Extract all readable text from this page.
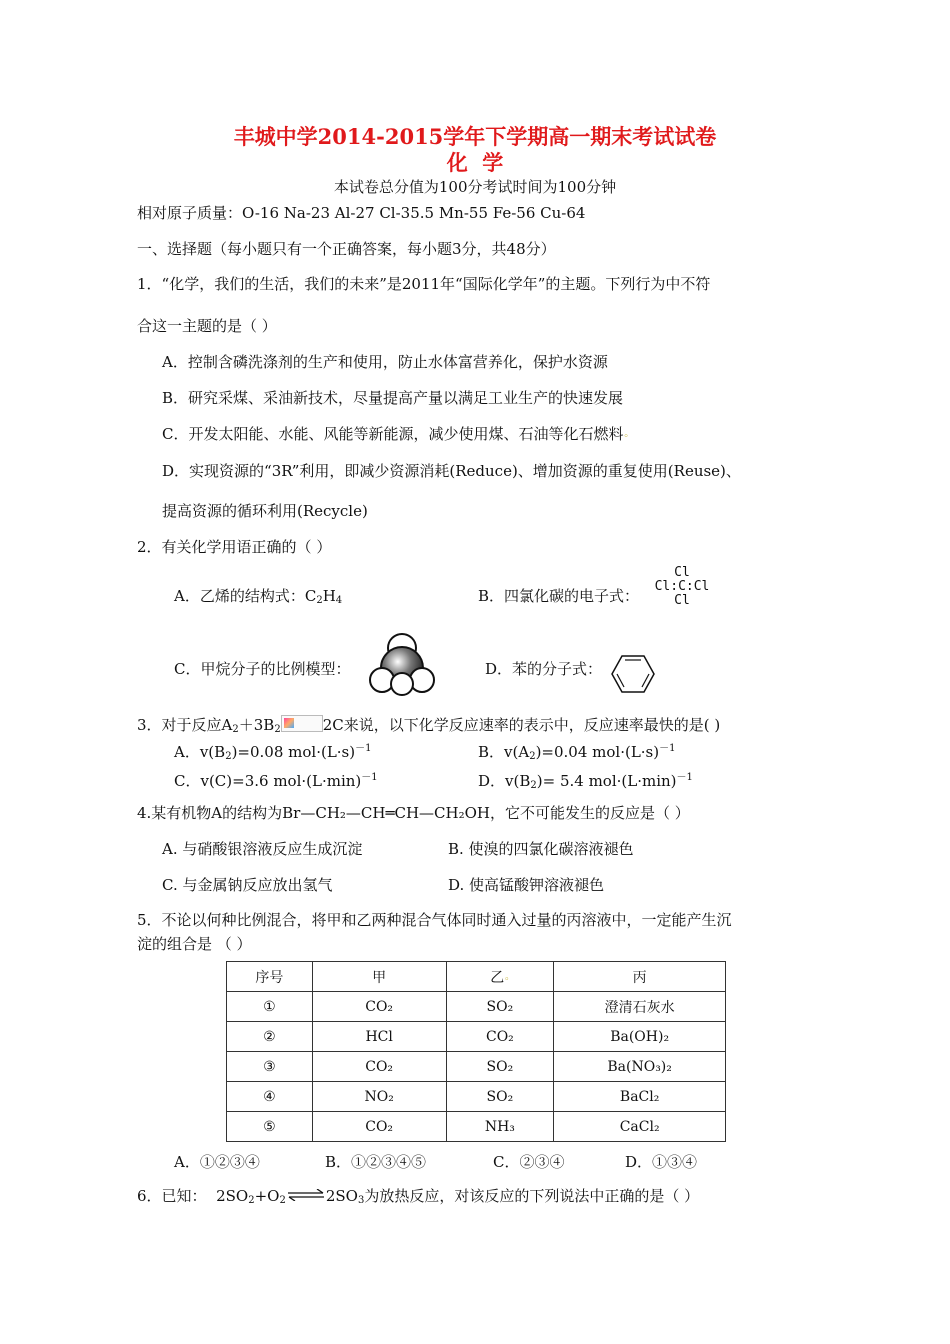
丰城中学2014-2015学年下学期高一期末考试试卷
化  学
本试卷总分值为100分考试时间为100分钟
相对原子质量：O-16 Na-23 Al-27 Cl-35.5 Mn-55 Fe-56 Cu-64
一、选择题（每小题只有一个正确答案，每小题3分，共48分）
1．“化学，我们的生活，我们的未来”是2011年“国际化学年”的主题。下列行为中不符
合这一主题的是（ ）
A．控制含磷洗涤剂的生产和使用，防止水体富营养化，保护水资源
B．研究采煤、采油新技术，尽量提高产量以满足工业生产的快速发展
C．开发太阳能、水能、风能等新能源，减少使用煤、石油等化石燃料◦
D．实现资源的“3R”利用，即减少资源消耗(Reduce)、增加资源的重复使用(Reuse)、
提高资源的循环利用(Recycle)
2．有关化学用语正确的（ ）
A．乙烯的结构式：$C_2H_4$	B．四氯化碳的电子式：
Cl
Cl:C:Cl
Cl
C．甲烷分子的比例模型：	D．苯的分子式：
3．对于反应$A_2+3B_2$	2C来说，以下化学反应速率的表示中，反应速率最快的是( )
A．$v(B_2)=0.08$ $mol\cdot(L\cdot s)^{-1}$	B．$v(A_2)=0.04$ $mol\cdot(L\cdot s)^{-1}$
C．v(C)=3.6 $mol\cdot(L\cdot\min)^{-1}$	D．$v(B_2)= 5.4$ $mol\cdot(L\cdot\min)^{-1}$
4.某有机物A的结构为Br—CH₂—CH═CH—CH₂OH，它不可能发生的反应是（ ）
A. 与硝酸银溶液反应生成沉淀	B. 使溴的四氯化碳溶液褪色
C. 与金属钠反应放出氢气	D. 使高锰酸钾溶液褪色
5．不论以何种比例混合，将甲和乙两种混合气体同时通入过量的丙溶液中，一定能产生沉
淀的组合是 （ ）
序号	甲	乙◦	丙
①	CO₂	SO₂	澄清石灰水
②	HCl	CO₂	Ba(OH)₂
③	CO₂	SO₂	Ba(NO₃)₂
④	NO₂	SO₂	BaCl₂
⑤	CO₂	NH₃	CaCl₂
A．①②③④	B．①②③④⑤	C．②③④	D．①③④
6．已知：  $2SO_2+O_2\rightleftharpoons 2SO_3$为放热反应，对该反应的下列说法中正确的是（ ）
